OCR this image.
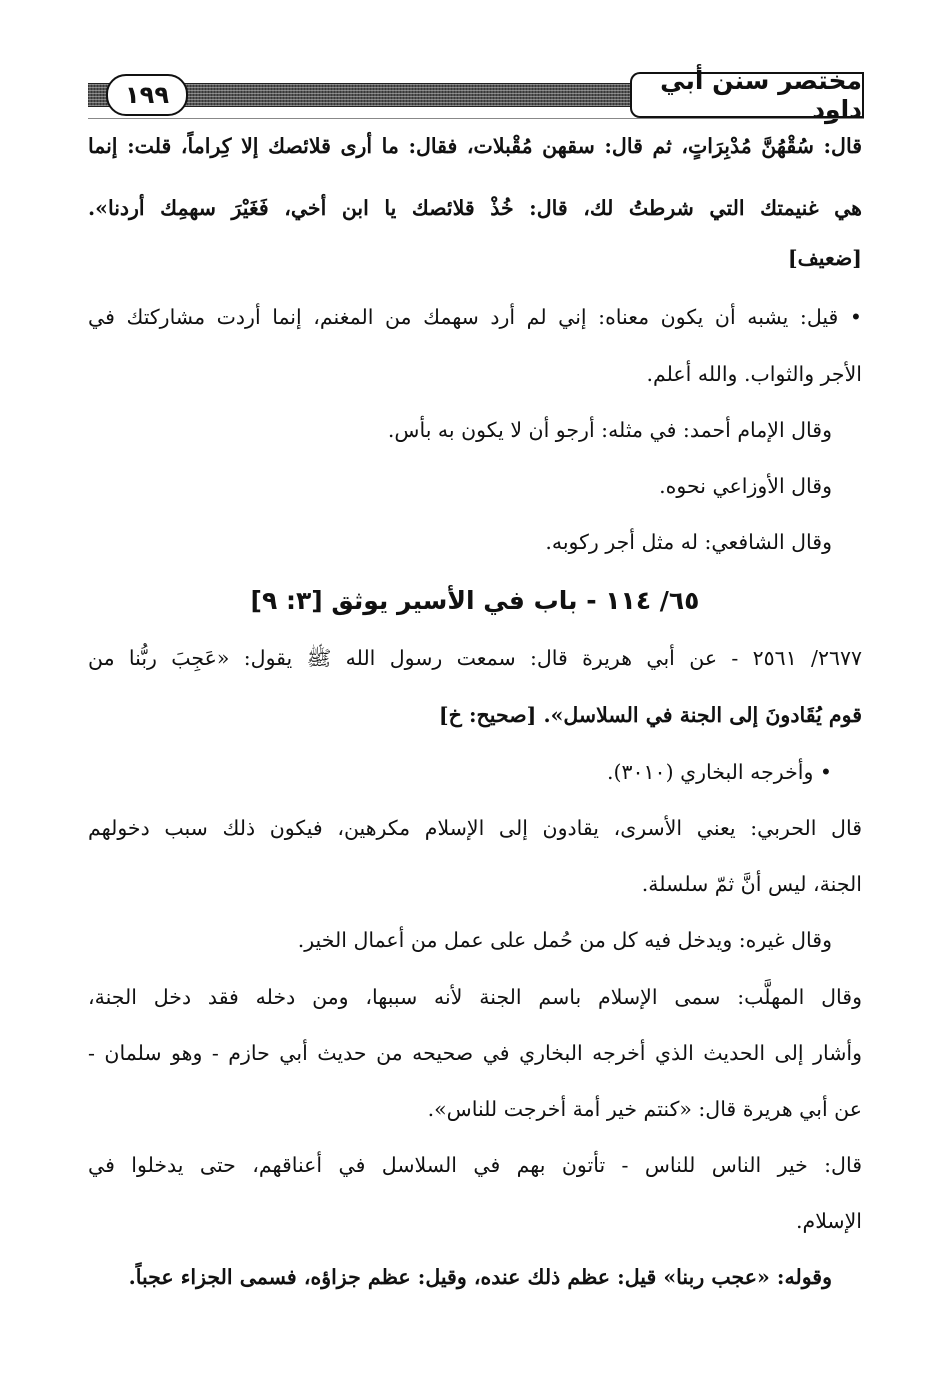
١٩٩	مختصر سنن أبي داود
قال: سُقْهُنَّ مُدْبِرَاتٍ، ثم قال: سقهن مُقْبلات، فقال: ما أرى قلائصك إلا كِراماً، قلت: إنما
هي غنيمتك التي شرطتُ لك، قال: خُذْ قلائصك يا ابن أخي، فَغَيْرَ سهمِك أردنا».
[ضعيف]
• قيل: يشبه أن يكون معناه: إني لم أرد سهمك من المغنم، إنما أردت مشاركتك في
الأجر والثواب. والله أعلم.
وقال الإمام أحمد: في مثله: أرجو أن لا يكون به بأس.
وقال الأوزاعي نحوه.
وقال الشافعي: له مثل أجر ركوبه.
٦٥/ ١١٤ - باب في الأسير يوثق [٣: ٩]
٢٦٧٧/ ٢٥٦١ - عن أبي هريرة قال: سمعت رسول الله ﷺ يقول: «عَجِبَ ربُّنا من
قوم يُقَادونَ إلى الجنة في السلاسل». [صحيح: خ]
• وأخرجه البخاري (٣٠١٠).
قال الحربي: يعني الأسرى، يقادون إلى الإسلام مكرهين، فيكون ذلك سبب دخولهم
الجنة، ليس أنَّ ثمّ سلسلة.
وقال غيره: ويدخل فيه كل من حُمل على عمل من أعمال الخير.
وقال المهلَّب: سمى الإسلام باسم الجنة لأنه سببها، ومن دخله فقد دخل الجنة،
وأشار إلى الحديث الذي أخرجه البخاري في صحيحه من حديث أبي حازم - وهو سلمان -
عن أبي هريرة قال: «كنتم خير أمة أخرجت للناس».
قال: خير الناس للناس - تأتون بهم في السلاسل في أعناقهم، حتى يدخلوا في
الإسلام.
وقوله: «عجب ربنا» قيل: عظم ذلك عنده، وقيل: عظم جزاؤه، فسمى الجزاء عجباً.
